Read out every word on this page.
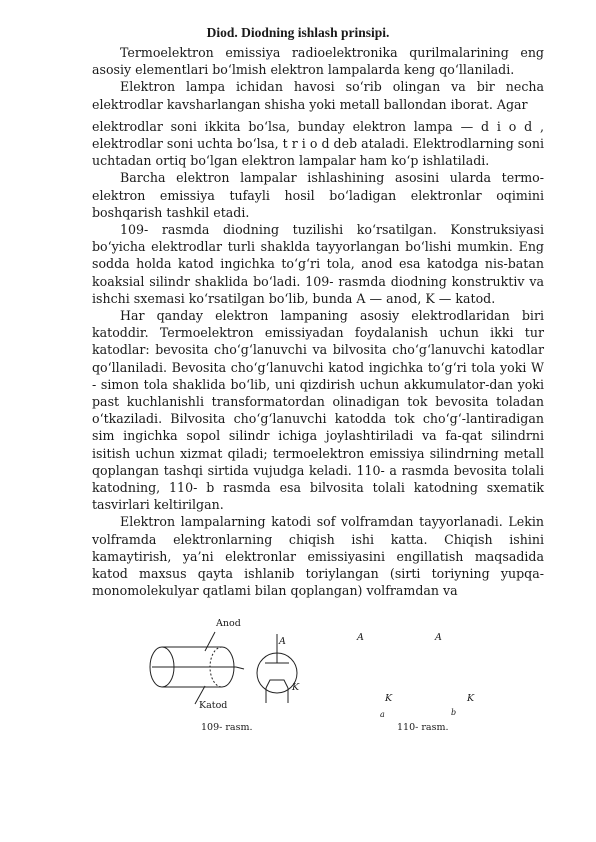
Diod. Diodning ishlash prinsipi.

Termoelektron emissiya radioelektronika qurilmalarining eng asosiy elementlari bo‘lmish elektron lampalarda keng qo‘llaniladi.

Elektron lampa ichidan havosi so‘rib olingan va bir necha elektrodlar kavsharlangan shisha yoki metall ballondan iborat. Agar

elektrodlar soni ikkita bo‘lsa, bunday elektron lampa — d i o d , elektrodlar soni uchta bo‘lsa, t r i o d deb ataladi. Elektrodlarning soni uchtadan ortiq bo‘lgan elektron lampalar ham ko‘p ishlatiladi.

Barcha elektron lampalar ishlashining asosini ularda termo-elektron emissiya tufayli hosil bo‘ladigan elektronlar oqimini boshqarish tashkil etadi.

109- rasmda diodning tuzilishi ko‘rsatilgan. Konstruksiyasi bo‘yicha elektrodlar turli shaklda tayyorlangan bo‘lishi mumkin. Eng sodda holda katod ingichka to‘g‘ri tola, anod esa katodga nis-batan koaksial silindr shaklida bo‘ladi. 109- rasmda diodning konstruktiv va ishchi sxemasi ko‘rsatilgan bo‘lib, bunda A — anod, K — katod.

Har qanday elektron lampaning asosiy elektrodlaridan biri katoddir. Termoelektron emissiyadan foydalanish uchun ikki tur katodlar: bevosita cho‘g‘lanuvchi va bilvosita cho‘g‘lanuvchi katodlar qo‘llaniladi. Bevosita cho‘g‘lanuvchi katod ingichka to‘g‘ri tola yoki W - simon tola shaklida bo‘lib, uni qizdirish uchun akkumulator-dan yoki past kuchlanishli transformatordan olinadigan tok bevosita toladan o‘tkaziladi. Bilvosita cho‘g‘lanuvchi katodda tok cho‘g‘-lantiradigan sim ingichka sopol silindr ichiga joylashtiriladi va fa-qat silindrni isitish uchun xizmat qiladi; termoelektron emissiya silindrning metall qoplangan tashqi sirtida vujudga keladi. 110- a rasmda bevosita tolali katodning, 110- b rasmda esa bilvosita tolali katodning sxematik tasvirlari keltirilgan.

Elektron lampalarning katodi sof volframdan tayyorlanadi. Lekin volframda elektronlarning chiqish ishi katta. Chiqish ishini kamaytirish, ya’ni elektronlar emissiyasini engillatish maqsadida katod maxsus qayta ishlanib toriylangan (sirti toriyning yupqa-monomolekulyar qatlami bilan qoplangan) volframdan va

Anod
A
K
Katod
109- rasm.
A	A
K	K
a	b
110- rasm.
